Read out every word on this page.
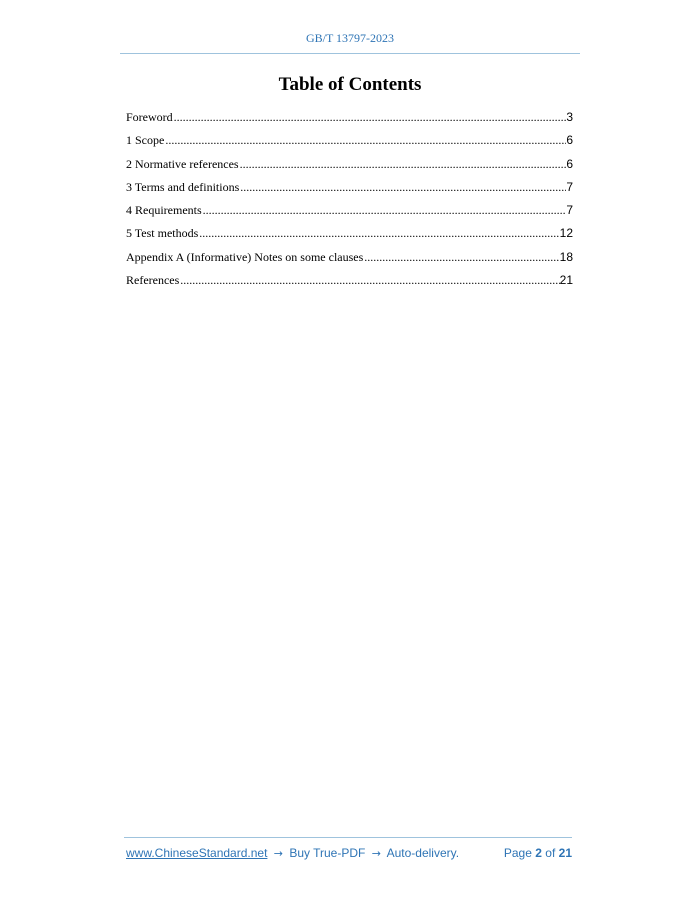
GB/T 13797-2023
Table of Contents
Foreword .....	3
1 Scope .....	6
2 Normative references .....	6
3 Terms and definitions .....	7
4 Requirements .....	7
5 Test methods .....	12
Appendix A (Informative) Notes on some clauses .....	18
References .....	21
www.ChineseStandard.net → Buy True-PDF → Auto-delivery.	Page 2 of 21
